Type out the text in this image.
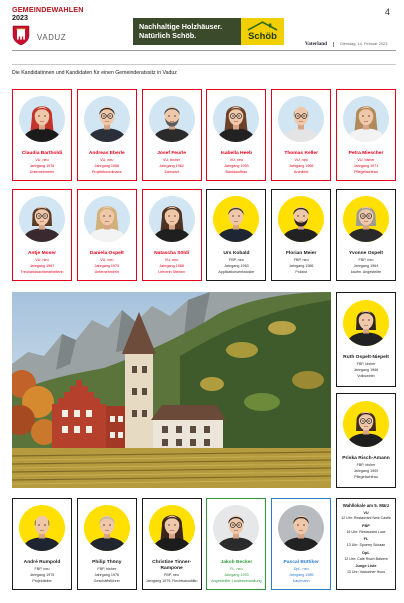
GEMEINDEWAHLEN
2023
VADUZ
Nachhaltige Holzhäuser.
Natürlich Schöb.	Schöb
4
Vaterland	Dienstag, 14. Februar 2023
Die Kandidatinnen und Kandidaten für einen Gemeinderatssitz in Vaduz
Claudia Bartholdi
VU, neu
Jahrgang 1976
Unternehmerin
Andreas Eberle
VU, neu
Jahrgang 1986
Projektkoordinator
Josef Feurle
VU, bisher
Jahrgang 1962
Zahnarzt
Isabella Heeb
VU, neu
Jahrgang 1993
Bankkauffrau
Thomas Keller
VU, neu
Jahrgang 1966
Architekt
Petra Miescher
VU, bisher
Jahrgang 1971
Pflegefachfrau
Antje Moser
VU, neu
Jahrgang 1967
Treuhandsachbearbeiterin
Daniela Ospelt
VU, neu
Jahrgang 1973
Unternehmerin
Natascha Söldi
VU, neu
Jahrgang 1988
Lehrerin Steinen
Urs Kobald
FBP, neu
Jahrgang 1963
Applikationsentwickler
Florian Meier
FBP, neu
Jahrgang 1986
Polizist
Yvonne Ospelt
FBP, neu
Jahrgang 1964
kaufm. Angestellte
Ruth Ospelt-Niepelt
FBP, bisher
Jahrgang 1966
Volkswirtin
Priska Risch-Amann
FBP, bisher
Jahrgang 1969
Pflegefachfrau
André Rumpold
FBP, neu
Jahrgang 1975
Projektleiter
Philip Thöny
FBP, bisher
Jahrgang 1976
Geschäftsführer
Christine Tinner-Rampone
FBP, neu
Jahrgang 1979, Rechtsanwältin
Jakob Becker
FL, neu
Jahrgang 1993
Angestellter Landesverwaltung
Pascal Büttiker
DpL, neu
Jahrgang 1985
Kaufmann
Wahllokale am 5. März
VU
12 Uhr: Restaurant New Castle
FBP
16 Uhr: Restaurant Luce
FL
13 Uhr: Spoerry Schaan
DpL
12 Uhr: Café Risch Balzers
Junge Liste
13 Uhr: Vadoziner Huus
